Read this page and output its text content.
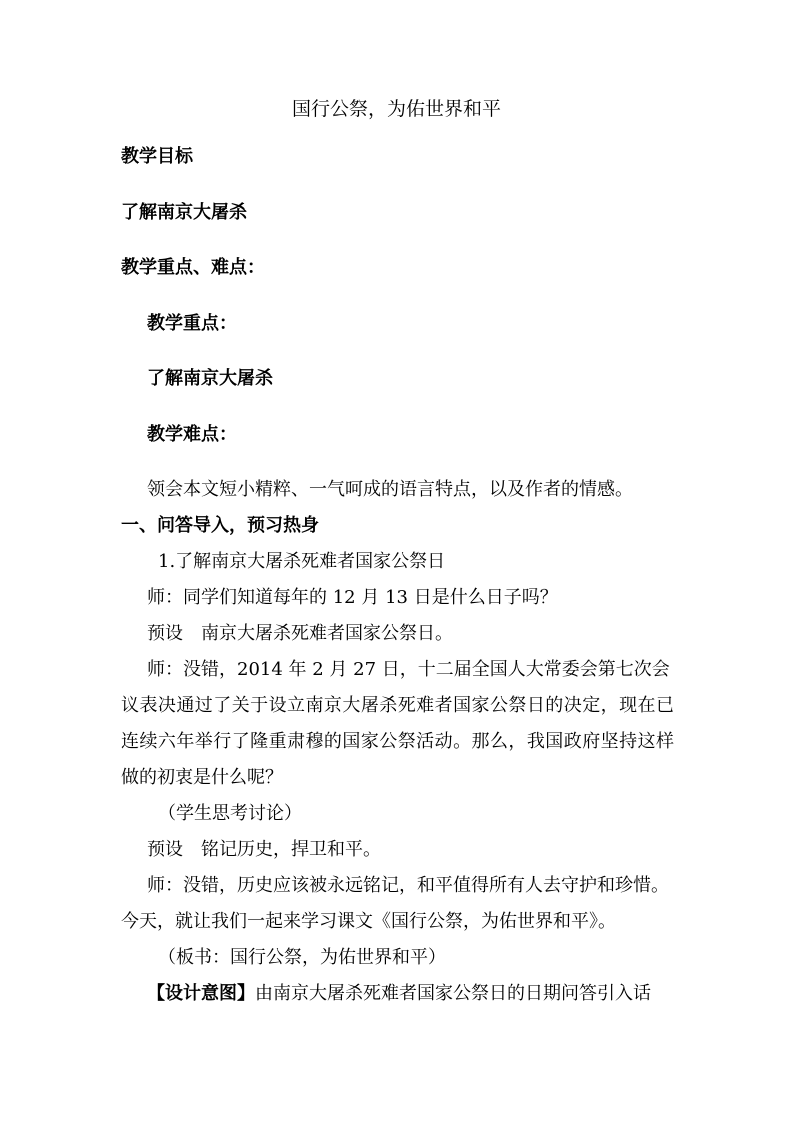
国行公祭，为佑世界和平
教学目标
了解南京大屠杀
教学重点、难点：
教学重点：
了解南京大屠杀
教学难点：
领会本文短小精粹、一气呵成的语言特点，以及作者的情感。
一、问答导入，预习热身
1.了解南京大屠杀死难者国家公祭日
师：同学们知道每年的 12 月 13 日是什么日子吗？
预设　南京大屠杀死难者国家公祭日。
师：没错，2014 年 2 月 27 日，十二届全国人大常委会第七次会
议表决通过了关于设立南京大屠杀死难者国家公祭日的决定，现在已
连续六年举行了隆重肃穆的国家公祭活动。那么，我国政府坚持这样
做的初衷是什么呢？
（学生思考讨论）
预设　铭记历史，捍卫和平。
师：没错，历史应该被永远铭记，和平值得所有人去守护和珍惜。
今天，就让我们一起来学习课文《国行公祭，为佑世界和平》。
（板书：国行公祭，为佑世界和平）
【设计意图】由南京大屠杀死难者国家公祭日的日期问答引入话
